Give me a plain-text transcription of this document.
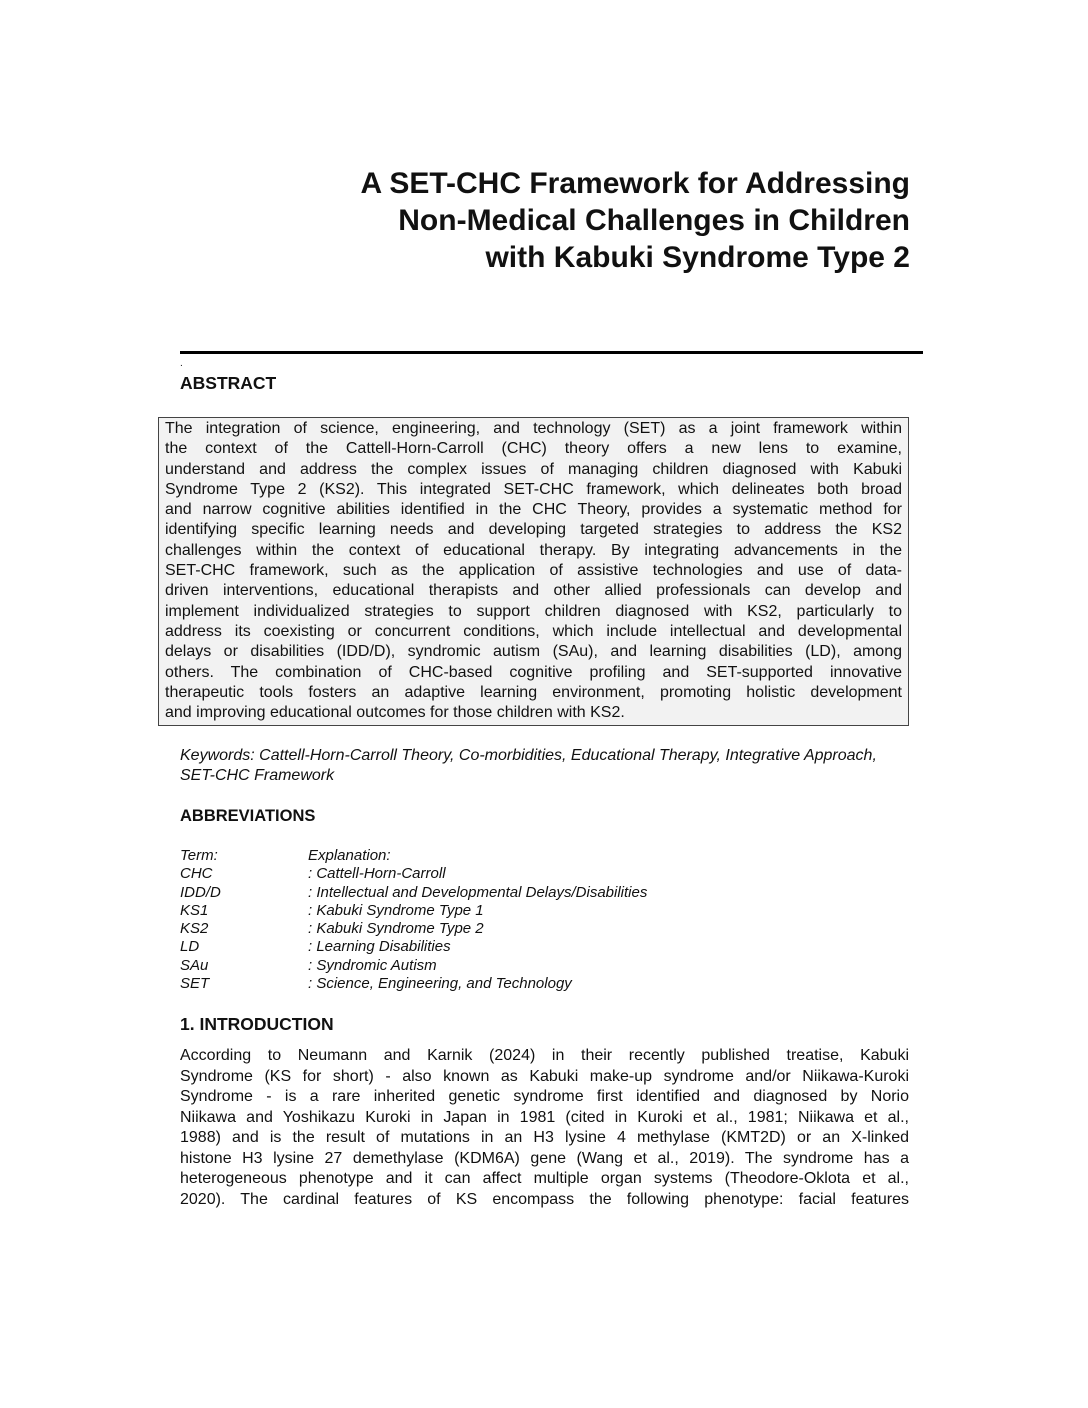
A SET-CHC Framework for Addressing
Non-Medical Challenges in Children
with Kabuki Syndrome Type 2
.
ABSTRACT
The integration of science, engineering, and technology (SET) as a joint framework within
the context of the Cattell-Horn-Carroll (CHC) theory offers a new lens to examine,
understand and address the complex issues of managing children diagnosed with Kabuki
Syndrome Type 2 (KS2). This integrated SET-CHC framework, which delineates both broad
and narrow cognitive abilities identified in the CHC Theory, provides a systematic method for
identifying specific learning needs and developing targeted strategies to address the KS2
challenges within the context of educational therapy. By integrating advancements in the
SET-CHC framework, such as the application of assistive technologies and use of data-
driven interventions, educational therapists and other allied professionals can develop and
implement individualized strategies to support children diagnosed with KS2, particularly to
address its coexisting or concurrent conditions, which include intellectual and developmental
delays or disabilities (IDD/D), syndromic autism (SAu), and learning disabilities (LD), among
others. The combination of CHC-based cognitive profiling and SET-supported innovative
therapeutic tools fosters an adaptive learning environment, promoting holistic development
and improving educational outcomes for those children with KS2.
Keywords: Cattell-Horn-Carroll Theory, Co-morbidities, Educational Therapy, Integrative Approach, SET-CHC Framework
ABBREVIATIONS
Term:	Explanation:
CHC	: Cattell-Horn-Carroll
IDD/D	: Intellectual and Developmental Delays/Disabilities
KS1	: Kabuki Syndrome Type 1
KS2	: Kabuki Syndrome Type 2
LD	: Learning Disabilities
SAu	: Syndromic Autism
SET	: Science, Engineering, and Technology
1. INTRODUCTION
According to Neumann and Karnik (2024) in their recently published treatise, Kabuki
Syndrome (KS for short) - also known as Kabuki make-up syndrome and/or Niikawa-Kuroki
Syndrome - is a rare inherited genetic syndrome first identified and diagnosed by Norio
Niikawa and Yoshikazu Kuroki in Japan in 1981 (cited in Kuroki et al., 1981; Niikawa et al.,
1988) and is the result of mutations in an H3 lysine 4 methylase (KMT2D) or an X-linked
histone H3 lysine 27 demethylase (KDM6A) gene (Wang et al., 2019). The syndrome has a
heterogeneous phenotype and it can affect multiple organ systems (Theodore-Oklota et al.,
2020). The cardinal features of KS encompass the following phenotype: facial features
